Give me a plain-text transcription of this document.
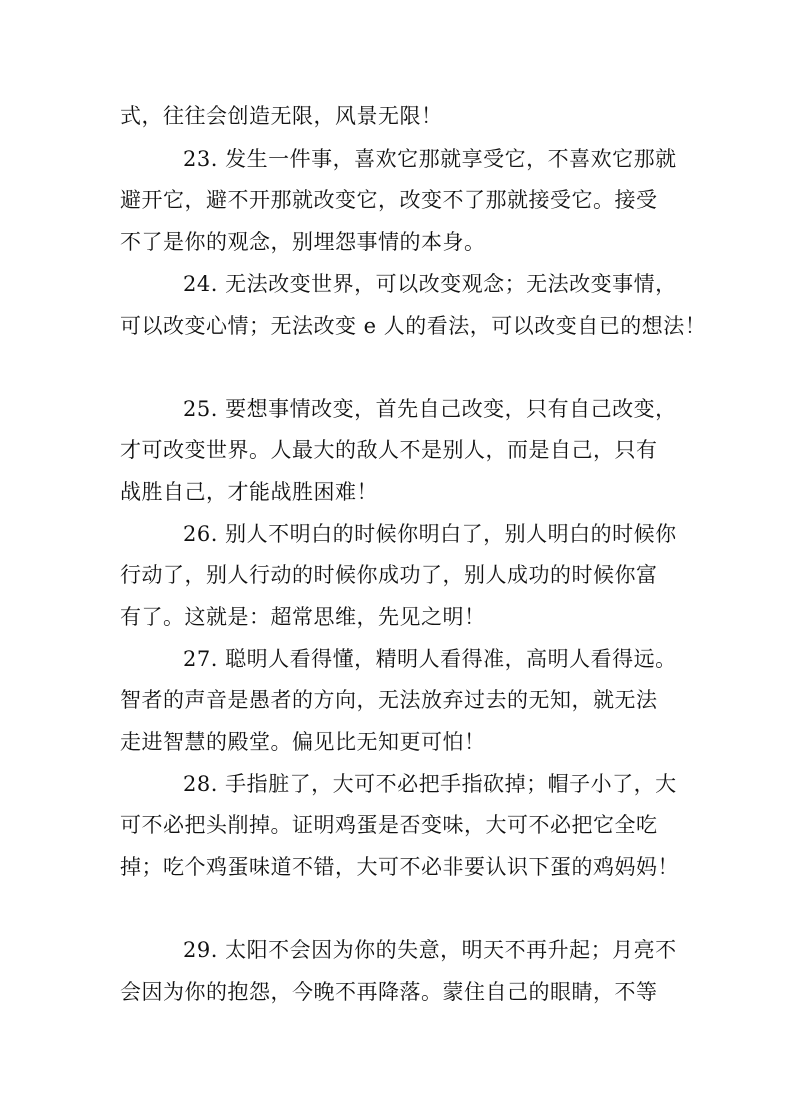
式，往往会创造无限，风景无限！
23. 发生一件事，喜欢它那就享受它，不喜欢它那就
避开它，避不开那就改变它，改变不了那就接受它。接受
不了是你的观念，别埋怨事情的本身。
24. 无法改变世界，可以改变观念；无法改变事情，
可以改变心情；无法改变 e 人的看法，可以改变自已的想法！
25. 要想事情改变，首先自己改变，只有自己改变，
才可改变世界。人最大的敌人不是别人，而是自己，只有
战胜自己，才能战胜困难！
26. 别人不明白的时候你明白了，别人明白的时候你
行动了，别人行动的时候你成功了，别人成功的时候你富
有了。这就是：超常思维，先见之明！
27. 聪明人看得懂，精明人看得准，高明人看得远。
智者的声音是愚者的方向，无法放弃过去的无知，就无法
走进智慧的殿堂。偏见比无知更可怕！
28. 手指脏了，大可不必把手指砍掉；帽子小了，大
可不必把头削掉。证明鸡蛋是否变味，大可不必把它全吃
掉；吃个鸡蛋味道不错，大可不必非要认识下蛋的鸡妈妈！
29. 太阳不会因为你的失意，明天不再升起；月亮不
会因为你的抱怨，今晚不再降落。蒙住自己的眼睛，不等
